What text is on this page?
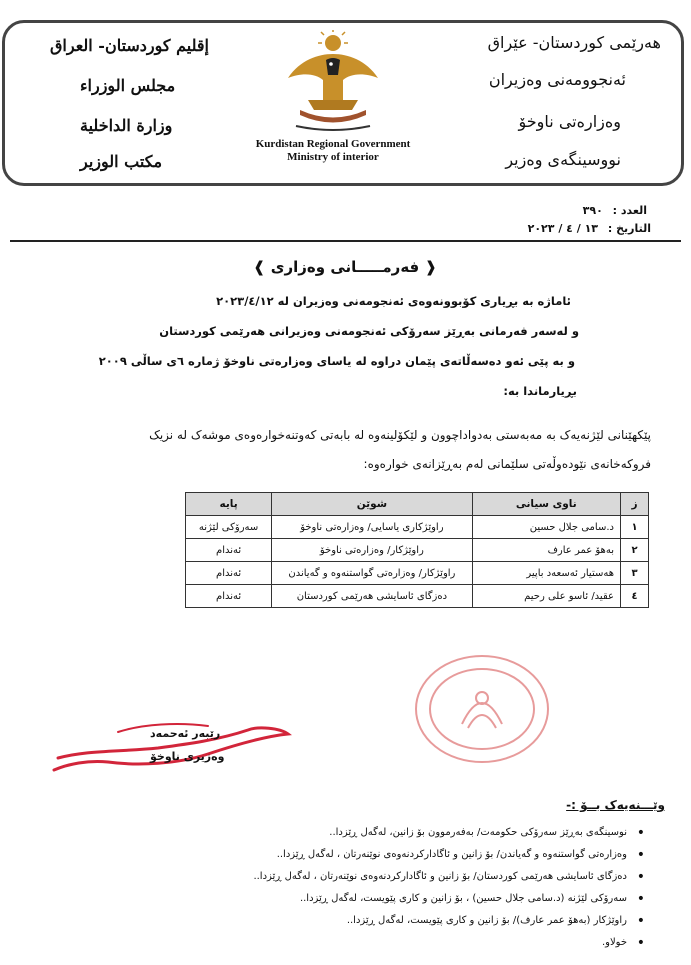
هەرێمی کوردستان- عێراق
ئەنجوومەنی وەزیران
وەزارەتی ناوخۆ
نووسینگەی وەزیر
إقليم كوردستان- العراق
مجلس الوزراء
وزارة الداخلية
مكتب الوزير
Kurdistan Regional Government
Ministry of interior
العدد : ٣٩٠
التاريخ : ١٣ / ٤ / ٢٠٢٣
❰ فەرمـــــانی وەزاری ❱
ئاماژە بە بڕیاری کۆبوونەوەی ئەنجومەنی وەزیران لە ٢٠٢٣/٤/١٢
و لەسەر فەرمانی بەڕێز سەرۆکی ئەنجومەنی وەزیرانی هەرێمی کوردستان
و بە پێی ئەو دەسەڵاتەی پێمان دراوە لە یاسای وەزارەتی ناوخۆ ژمارە ٦ی ساڵی ٢٠٠٩
بڕیارماندا بە:
پێکهێنانی لێژنەیەک بە مەبەستی بەدواداچوون و لێکۆلینەوە لە بابەتی کەوتنەخوارەوەی موشەک لە نزیک
فروکەخانەی نێودەوڵەتی سلێمانی لەم بەڕێزانەی خوارەوە:
ز	ناوی سیانی	شوێن	پایە
١	د.سامی جلال حسین	راوێژکاری یاسایی/ وەزارەتی ناوخۆ	سەرۆکی لێژنە
٢	بەهۆ عمر عارف	راوێژکار/ وەزارەتی ناوخۆ	ئەندام
٣	هەستیار ئەسعەد باپیر	راوێژکار/ وەزارەتی گواستنەوە و گەیاندن	ئەندام
٤	عقید/ ئاسو علی رحیم	دەزگای ئاسایشی هەرێمی کوردستان	ئەندام
رێبەر ئەحمەد
وەزیری ناوخۆ
وێـــنەیەک بــۆ :-
• نوسینگەی بەڕێز سەرۆکی حکومەت/ بەفەرموون بۆ زانین، لەگەل ڕێزدا..
• وەزارەتی گواستنەوە و گەیاندن/ بۆ زانین و ئاگادارکردنەوەی نوێنەرتان ، لەگەل ڕێزدا..
• دەزگای ئاسایشی هەرێمی کوردستان/ بۆ زانین و ئاگادارکردنەوەی نوێنەرتان ، لەگەل ڕێزدا..
• سەرۆکی لێژنە (د.سامی جلال حسین) ، بۆ زانین و کاری پێویست، لەگەل ڕێزدا..
• راوێژکار (بەهۆ عمر عارف)/ بۆ زانین و کاری پێویست، لەگەل ڕێزدا..
• خولاو.
